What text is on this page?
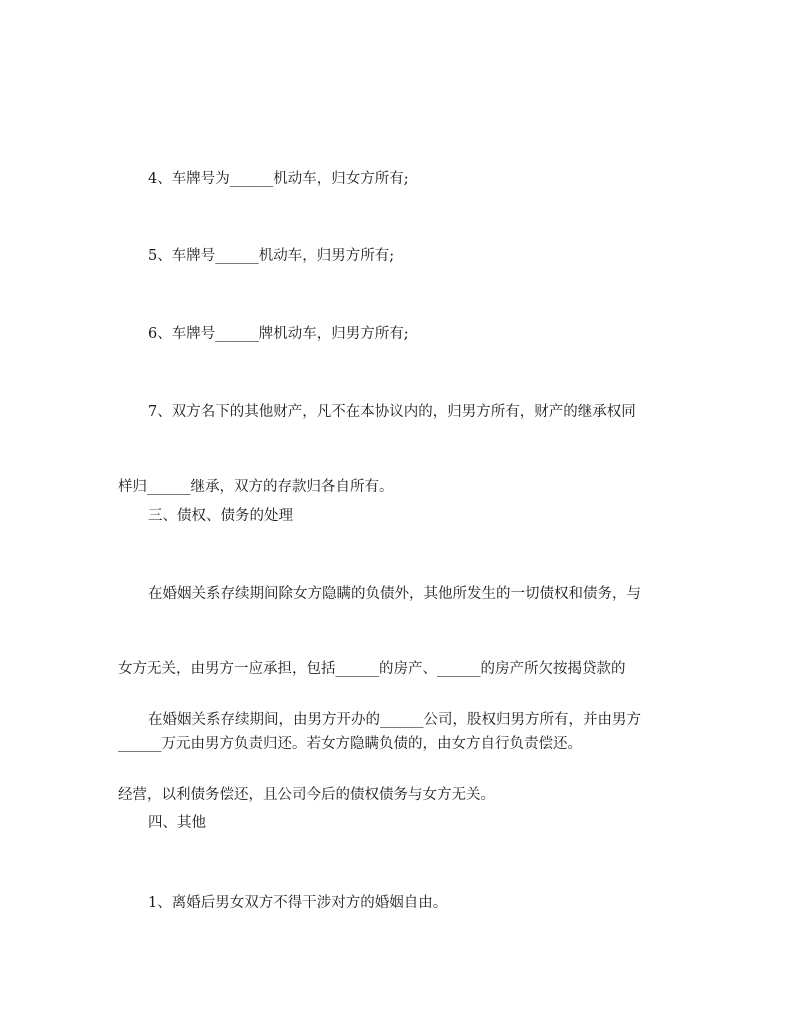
4、车牌号为______机动车，归女方所有;

5、车牌号______机动车，归男方所有;

6、车牌号______牌机动车，归男方所有;

7、双方名下的其他财产，凡不在本协议内的，归男方所有，财产的继承权同

样归______继承，双方的存款归各自所有。

三、债权、债务的处理

在婚姻关系存续期间除女方隐瞒的负债外，其他所发生的一切债权和债务，与

女方无关，由男方一应承担，包括______的房产、______的房产所欠按揭贷款的

______万元由男方负责归还。若女方隐瞒负债的，由女方自行负责偿还。

在婚姻关系存续期间，由男方开办的______公司，股权归男方所有，并由男方

经营，以利债务偿还，且公司今后的债权债务与女方无关。

四、其他

1、离婚后男女双方不得干涉对方的婚姻自由。
